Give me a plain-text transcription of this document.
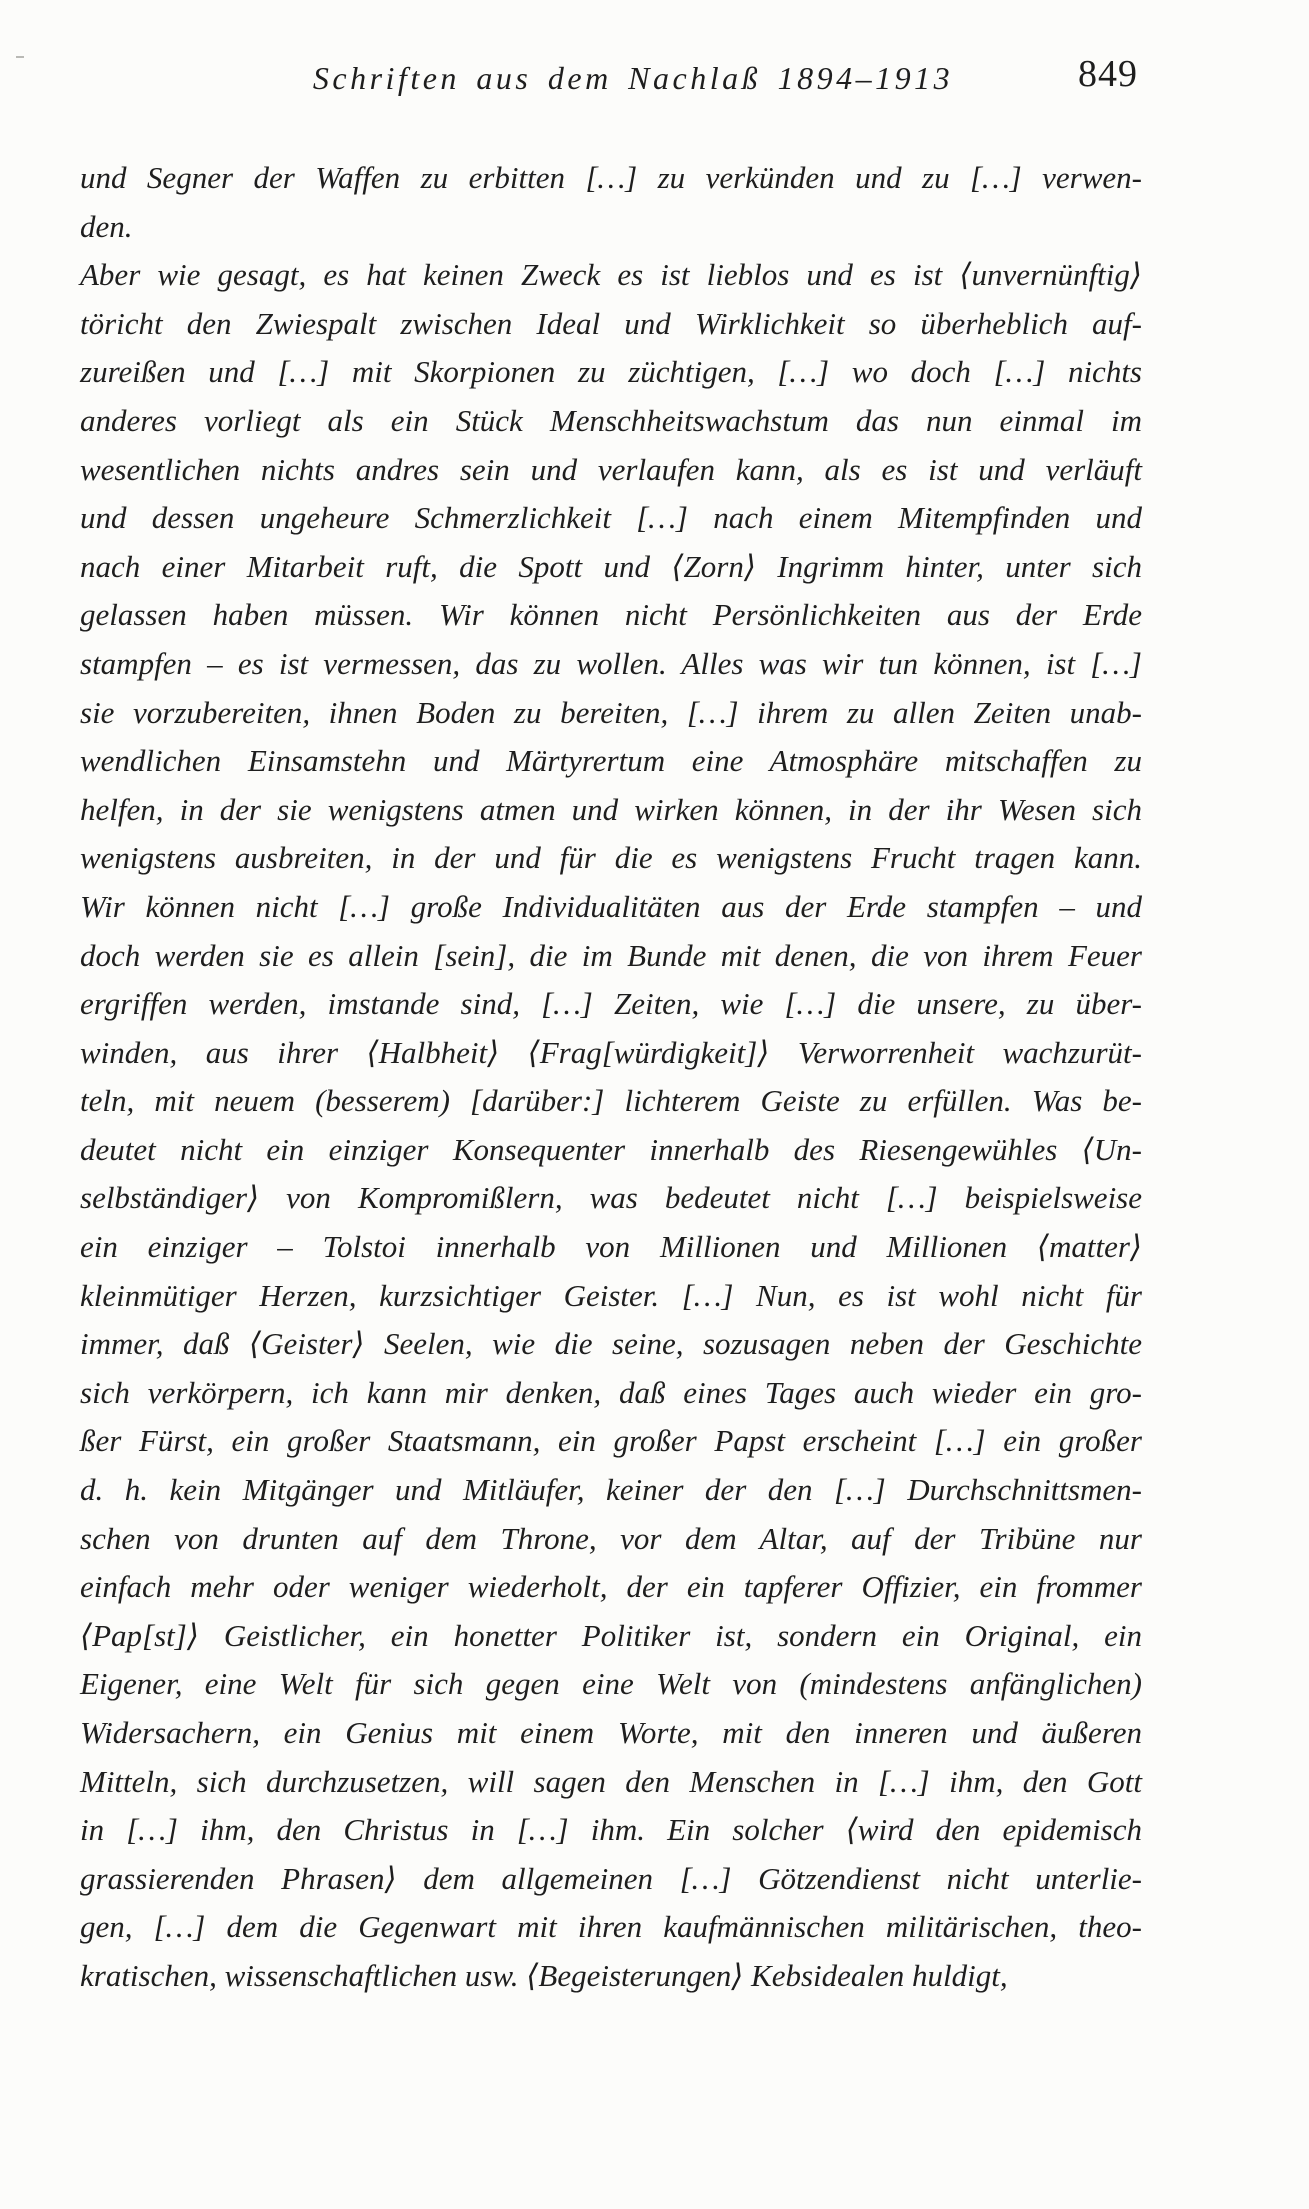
Schriften aus dem Nachlaß 1894–1913	849
und Segner der Waffen zu erbitten […] zu verkünden und zu […] verwen-
den.
Aber wie gesagt, es hat keinen Zweck es ist lieblos und es ist ⟨unvernünftig⟩
töricht den Zwiespalt zwischen Ideal und Wirklichkeit so überheblich auf-
zureißen und […] mit Skorpionen zu züchtigen, […] wo doch […] nichts
anderes vorliegt als ein Stück Menschheitswachstum das nun einmal im
wesentlichen nichts andres sein und verlaufen kann, als es ist und verläuft
und dessen ungeheure Schmerzlichkeit […] nach einem Mitempfinden und
nach einer Mitarbeit ruft, die Spott und ⟨Zorn⟩ Ingrimm hinter, unter sich
gelassen haben müssen. Wir können nicht Persönlichkeiten aus der Erde
stampfen – es ist vermessen, das zu wollen. Alles was wir tun können, ist […]
sie vorzubereiten, ihnen Boden zu bereiten, […] ihrem zu allen Zeiten unab-
wendlichen Einsamstehn und Märtyrertum eine Atmosphäre mitschaffen zu
helfen, in der sie wenigstens atmen und wirken können, in der ihr Wesen sich
wenigstens ausbreiten, in der und für die es wenigstens Frucht tragen kann.
Wir können nicht […] große Individualitäten aus der Erde stampfen – und
doch werden sie es allein [sein], die im Bunde mit denen, die von ihrem Feuer
ergriffen werden, imstande sind, […] Zeiten, wie […] die unsere, zu über-
winden, aus ihrer ⟨Halbheit⟩ ⟨Frag[würdigkeit]⟩ Verworrenheit wachzurüt-
teln, mit neuem (besserem) [darüber:] lichterem Geiste zu erfüllen. Was be-
deutet nicht ein einziger Konsequenter innerhalb des Riesengewühles ⟨Un-
selbständiger⟩ von Kompromißlern, was bedeutet nicht […] beispielsweise
ein einziger – Tolstoi innerhalb von Millionen und Millionen ⟨matter⟩
kleinmütiger Herzen, kurzsichtiger Geister. […] Nun, es ist wohl nicht für
immer, daß ⟨Geister⟩ Seelen, wie die seine, sozusagen neben der Geschichte
sich verkörpern, ich kann mir denken, daß eines Tages auch wieder ein gro-
ßer Fürst, ein großer Staatsmann, ein großer Papst erscheint […] ein großer
d. h. kein Mitgänger und Mitläufer, keiner der den […] Durchschnittsmen-
schen von drunten auf dem Throne, vor dem Altar, auf der Tribüne nur
einfach mehr oder weniger wiederholt, der ein tapferer Offizier, ein frommer
⟨Pap[st]⟩ Geistlicher, ein honetter Politiker ist, sondern ein Original, ein
Eigener, eine Welt für sich gegen eine Welt von (mindestens anfänglichen)
Widersachern, ein Genius mit einem Worte, mit den inneren und äußeren
Mitteln, sich durchzusetzen, will sagen den Menschen in […] ihm, den Gott
in […] ihm, den Christus in […] ihm. Ein solcher ⟨wird den epidemisch
grassierenden Phrasen⟩ dem allgemeinen […] Götzendienst nicht unterlie-
gen, […] dem die Gegenwart mit ihren kaufmännischen militärischen, theo-
kratischen, wissenschaftlichen usw. ⟨Begeisterungen⟩ Kebsidealen huldigt,
